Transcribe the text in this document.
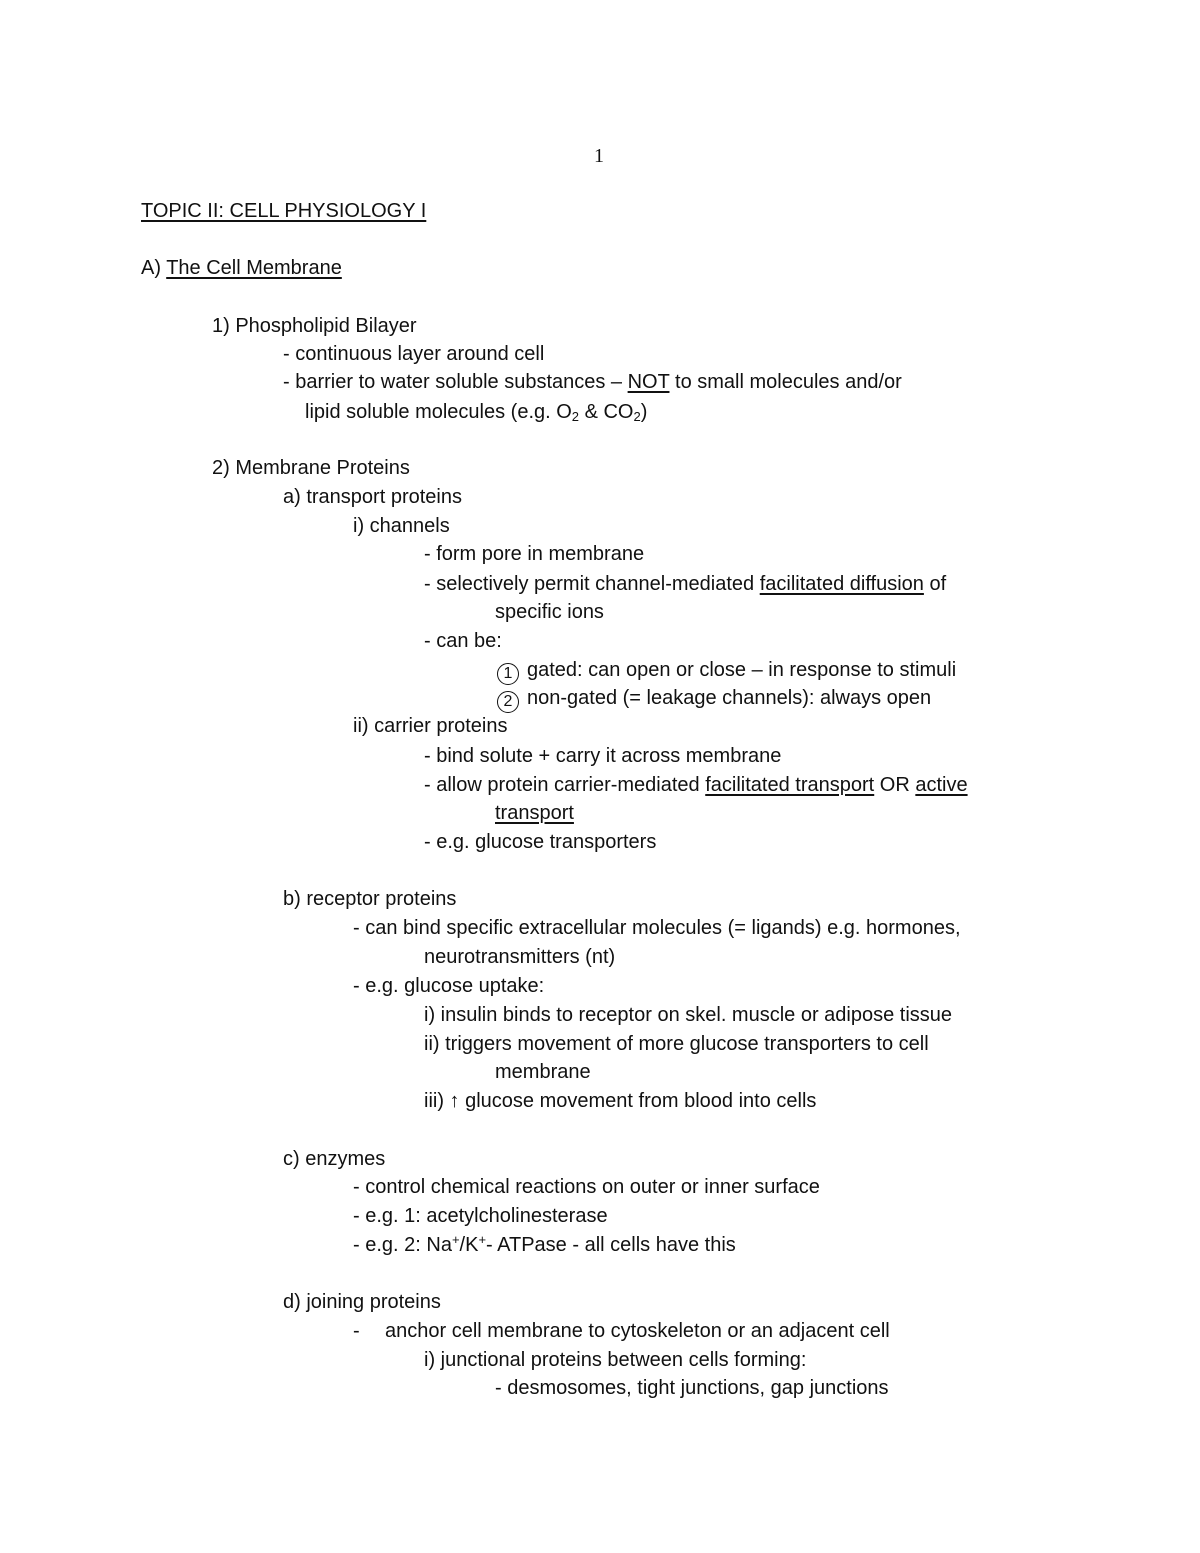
1
TOPIC II: CELL PHYSIOLOGY I
A) The Cell Membrane
1) Phospholipid Bilayer
- continuous layer around cell
- barrier to water soluble substances – NOT to small molecules and/or
lipid soluble molecules (e.g. $O_2$ & $CO_2$)
2) Membrane Proteins
a) transport proteins
i) channels
- form pore in membrane
- selectively permit channel-mediated facilitated diffusion of
specific ions
- can be:
1 gated: can open or close – in response to stimuli
2 non-gated (= leakage channels): always open
ii) carrier proteins
- bind solute + carry it across membrane
- allow protein carrier-mediated facilitated transport OR active
transport
- e.g. glucose transporters
b) receptor proteins
- can bind specific extracellular molecules (= ligands) e.g. hormones,
neurotransmitters (nt)
- e.g. glucose uptake:
i) insulin binds to receptor on skel. muscle or adipose tissue
ii) triggers movement of more glucose transporters to cell
membrane
iii) ↑ glucose movement from blood into cells
c) enzymes
- control chemical reactions on outer or inner surface
- e.g. 1: acetylcholinesterase
- e.g. 2: Na+/K+- ATPase - all cells have this
d) joining proteins
- anchor cell membrane to cytoskeleton or an adjacent cell
i) junctional proteins between cells forming:
- desmosomes, tight junctions, gap junctions
